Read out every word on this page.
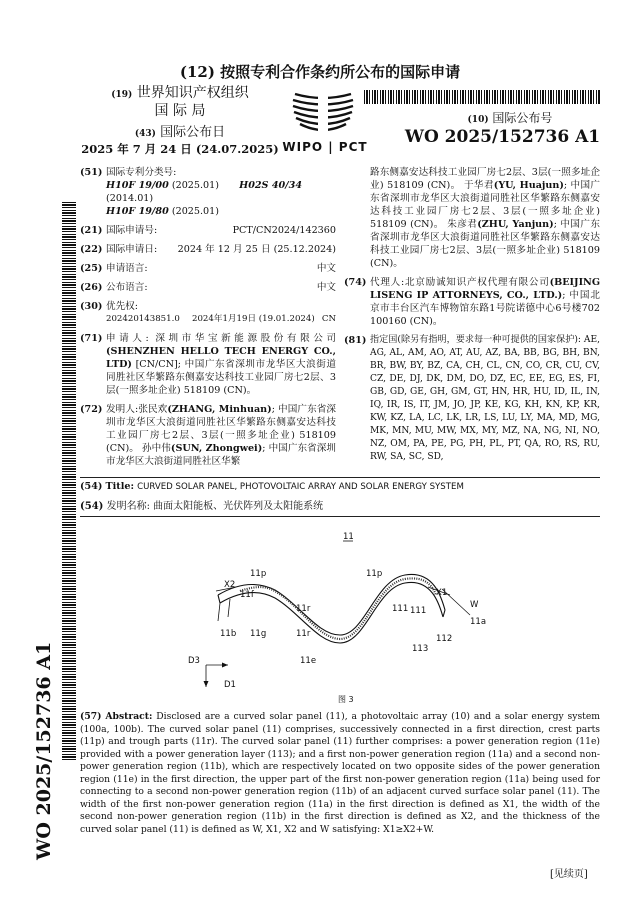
(12) 按照专利合作条约所公布的国际申请
(19) 世界知识产权组织
国 际 局
(43) 国际公布日
2025 年 7 月 24 日 (24.07.2025) WIPO | PCT
(10) 国际公布号
WO 2025/152736 A1
WO 2025/152736 A1
(51) 国际专利分类号:
H10F 19/00 (2025.01) H02S 40/34 (2014.01)
H10F 19/80 (2025.01)
(21) 国际申请号:	PCT/CN2024/142360
(22) 国际申请日:	2024 年 12 月 25 日 (25.12.2024)
(25) 申请语言:	中文
(26) 公布语言:	中文
(30) 优先权:
202420143851.0	2024年1月19日 (19.01.2024) CN
(71) 申请人: 深圳市华宝新能源股份有限公司 (SHENZHEN HELLO TECH ENERGY CO., LTD) [CN/CN]; 中国广东省深圳市龙华区大浪街道同胜社区华繁路东侧嘉安达科技工业园厂房七2层、3层(一照多址企业) 518109 (CN)。
(72) 发明人:张民欢(ZHANG, Minhuan); 中国广东省深圳市龙华区大浪街道同胜社区华繁路东侧嘉安达科技工业园厂房七2层、3层(一照多址企业) 518109 (CN)。 孙中伟(SUN, Zhongwei); 中国广东省深圳市龙华区大浪街道同胜社区华繁
路东侧嘉安达科技工业园厂房七2层、3层(一照多址企业) 518109 (CN)。 于华君(YU, Huajun); 中国广东省深圳市龙华区大浪街道同胜社区华繁路东侧嘉安达科技工业园厂房七2层、3层(一照多址企业) 518109 (CN)。 朱彦君(ZHU, Yanjun); 中国广东省深圳市龙华区大浪街道同胜社区华繁路东侧嘉安达科技工业园厂房七2层、3层(一照多址企业) 518109 (CN)。
(74) 代理人:北京励诚知识产权代理有限公司(BEIJING LISENG IP ATTORNEYS, CO., LTD.); 中国北京市丰台区汽车博物馆东路1号院诺德中心6号楼702 100160 (CN)。
(81) 指定国(除另有指明，要求每一种可提供的国家保护): AE, AG, AL, AM, AO, AT, AU, AZ, BA, BB, BG, BH, BN, BR, BW, BY, BZ, CA, CH, CL, CN, CO, CR, CU, CV, CZ, DE, DJ, DK, DM, DO, DZ, EC, EE, EG, ES, FI, GB, GD, GE, GH, GM, GT, HN, HR, HU, ID, IL, IN, IQ, IR, IS, IT, JM, JO, JP, KE, KG, KH, KN, KP, KR, KW, KZ, LA, LC, LK, LR, LS, LU, LY, MA, MD, MG, MK, MN, MU, MW, MX, MY, MZ, NA, NG, NI, NO, NZ, OM, PA, PE, PG, PH, PL, PT, QA, RO, RS, RU, RW, SA, SC, SD,
(54) Title: CURVED SOLAR PANEL, PHOTOVOLTAIC ARRAY AND SOLAR ENERGY SYSTEM
(54) 发明名称: 曲面太阳能板、光伏阵列及太阳能系统
11
X2
11p
11f
11r
11p
111
X1
W
11a
11b 11g	11r
111
112
113
11e
D3
D1
图 3
(57) Abstract: Disclosed are a curved solar panel (11), a photovoltaic array (10) and a solar energy system (100a, 100b). The curved solar panel (11) comprises, successively connected in a first direction, crest parts (11p) and trough parts (11r). The curved solar panel (11) further comprises: a power generation region (11e) provided with a power generation layer (113); and a first non-power generation region (11a) and a second non-power generation region (11b), which are respectively located on two opposite sides of the power generation region (11e) in the first direction, the upper part of the first non-power generation region (11a) being used for connecting to a second non-power generation region (11b) of an adjacent curved surface solar panel (11). The width of the first non-power generation region (11a) in the first direction is defined as X1, the width of the second non-power generation region (11b) in the first direction is defined as X2, and the thickness of the curved solar panel (11) is defined as W, X1, X2 and W satisfying: X1≥X2+W.
[见续页]
